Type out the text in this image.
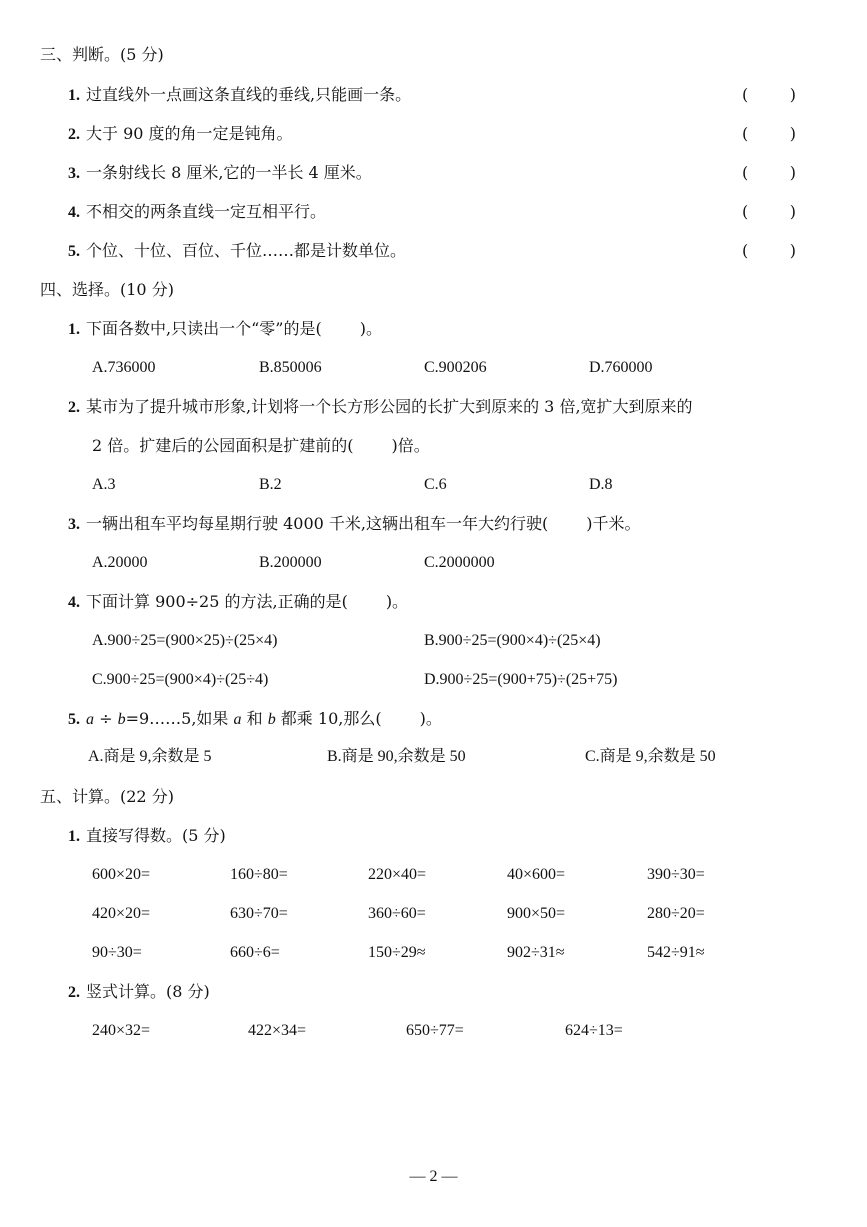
三、判断。(5 分)
1. 过直线外一点画这条直线的垂线,只能画一条。	(	)
2. 大于 90 度的角一定是钝角。	(	)
3. 一条射线长 8 厘米,它的一半长 4 厘米。	(	)
4. 不相交的两条直线一定互相平行。	(	)
5. 个位、十位、百位、千位……都是计数单位。	(	)
四、选择。(10 分)
1. 下面各数中,只读出一个“零”的是( )。
A.736000	B.850006	C.900206	D.760000
2. 某市为了提升城市形象,计划将一个长方形公园的长扩大到原来的 3 倍,宽扩大到原来的
2 倍。扩建后的公园面积是扩建前的( )倍。
A.3	B.2	C.6	D.8
3. 一辆出租车平均每星期行驶 4000 千米,这辆出租车一年大约行驶( )千米。
A.20000	B.200000	C.2000000
4. 下面计算 900÷25 的方法,正确的是( )。
A.900÷25=(900×25)÷(25×4)	B.900÷25=(900×4)÷(25×4)
C.900÷25=(900×4)÷(25÷4)	D.900÷25=(900+75)÷(25+75)
5. a ÷ b=9……5,如果 a 和 b 都乘 10,那么( )。
A.商是 9,余数是 5	B.商是 90,余数是 50	C.商是 9,余数是 50
五、计算。(22 分)
1. 直接写得数。(5 分)
600×20=	160÷80=	220×40=	40×600=	390÷30=
420×20=	630÷70=	360÷60=	900×50=	280÷20=
90÷30=	660÷6=	150÷29≈	902÷31≈	542÷91≈
2. 竖式计算。(8 分)
240×32=	422×34=	650÷77=	624÷13=
— 2 —
